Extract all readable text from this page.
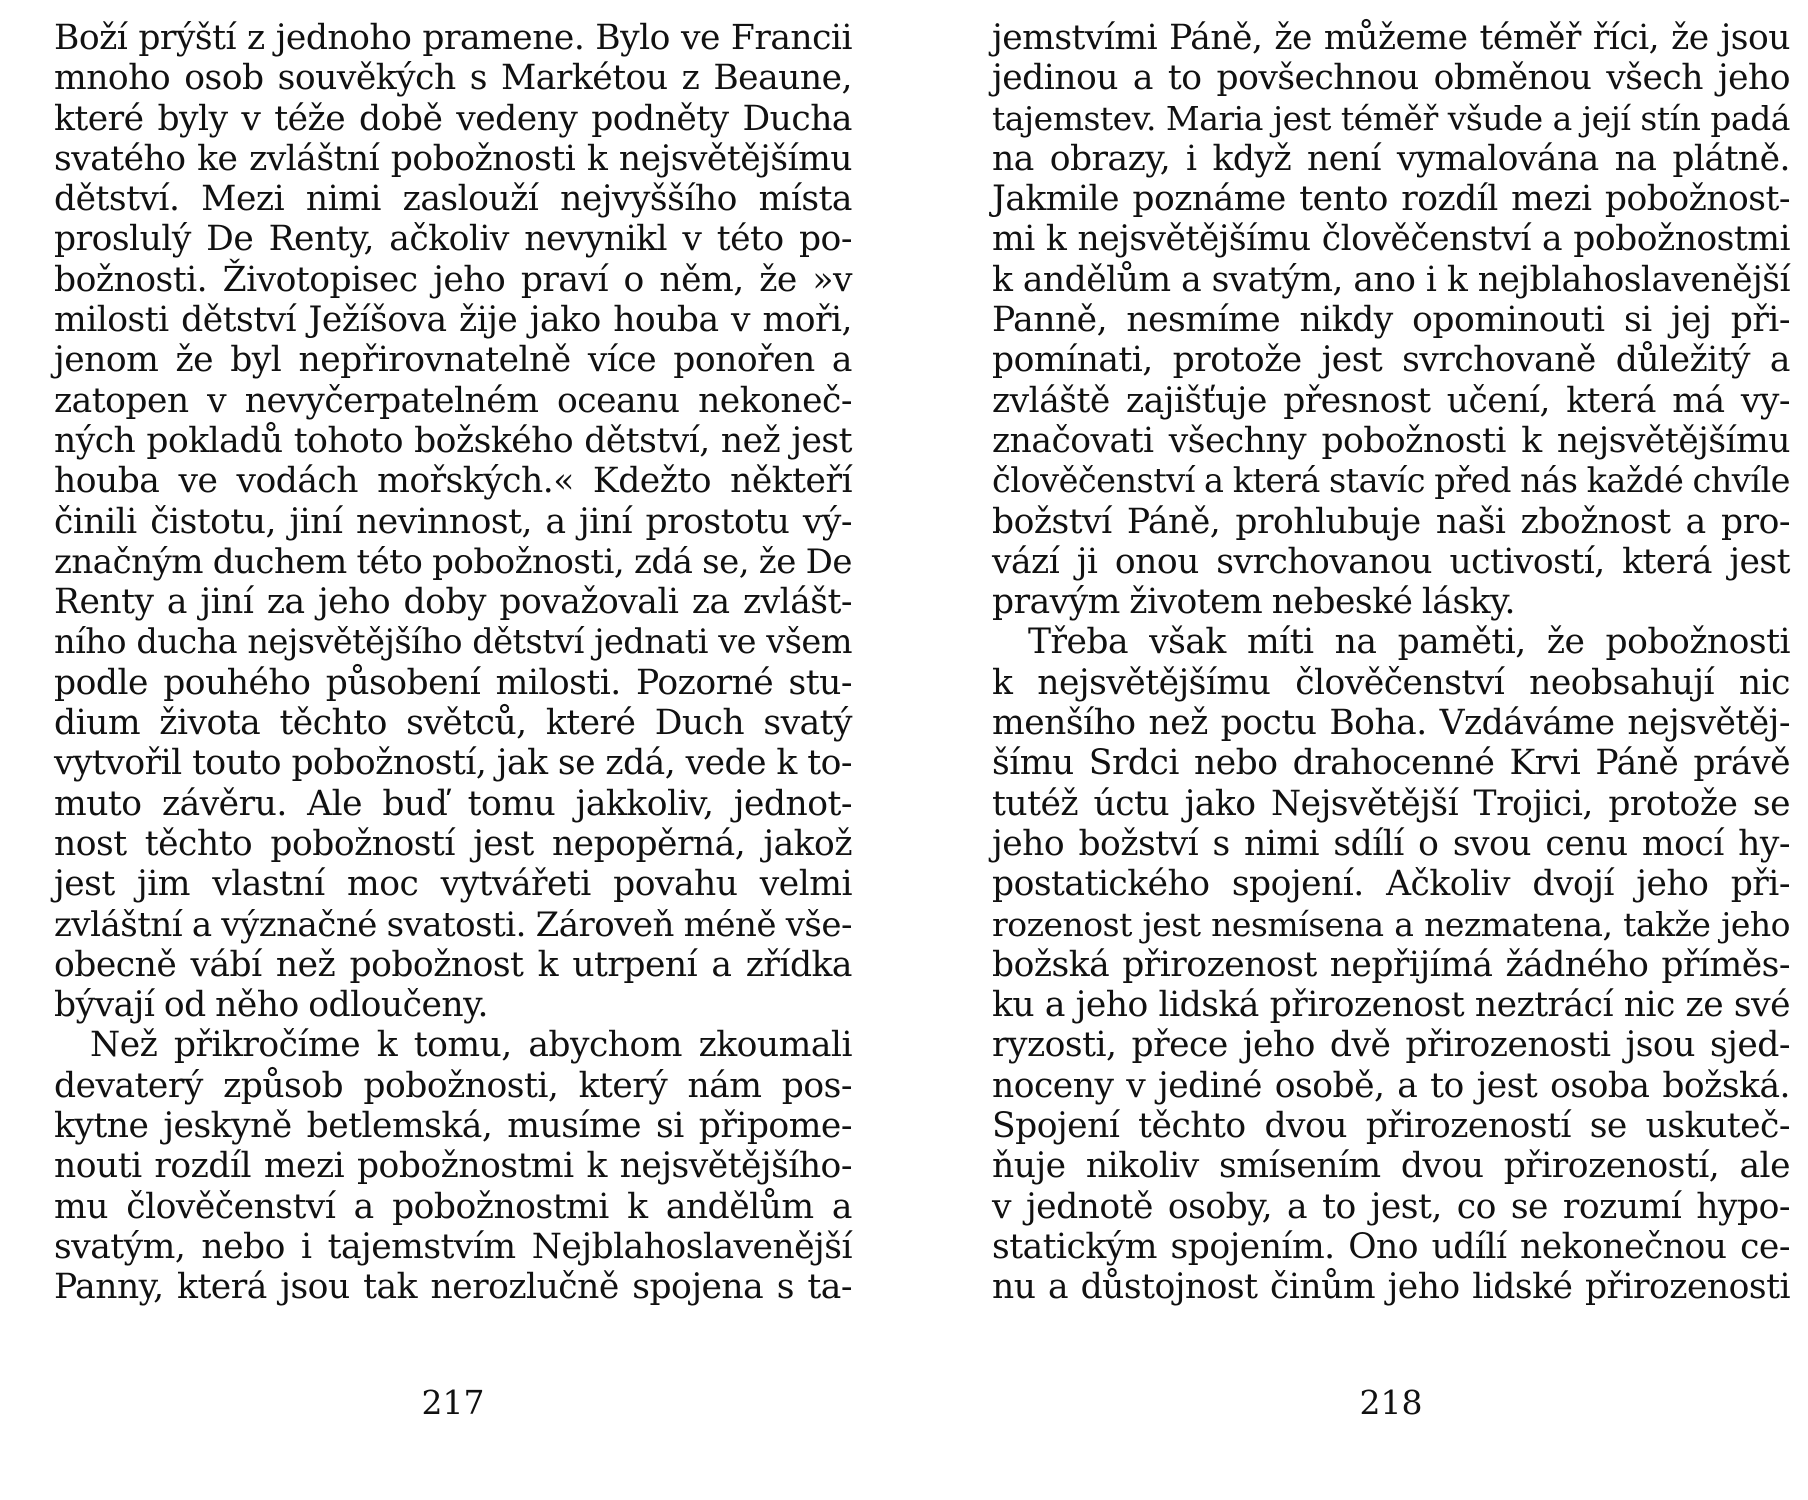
Boží prýští z jednoho pramene. Bylo ve Francii
mnoho osob souvěkých s Markétou z Beaune,
které byly v téže době vedeny podněty Ducha
svatého ke zvláštní pobožnosti k nejsvětějšímu
dětství. Mezi nimi zaslouží nejvyššího místa
proslulý De Renty, ačkoliv nevynikl v této po-
božnosti. Životopisec jeho praví o něm, že »v
milosti dětství Ježíšova žije jako houba v moři,
jenom že byl nepřirovnatelně více ponořen a
zatopen v nevyčerpatelném oceanu nekoneč-
ných pokladů tohoto božského dětství, než jest
houba ve vodách mořských.« Kdežto někteří
činili čistotu, jiní nevinnost, a jiní prostotu vý-
značným duchem této pobožnosti, zdá se, že De
Renty a jiní za jeho doby považovali za zvlášt-
ního ducha nejsvětějšího dětství jednati ve všem
podle pouhého působení milosti. Pozorné stu-
dium života těchto světců, které Duch svatý
vytvořil touto pobožností, jak se zdá, vede k to-
muto závěru. Ale buď tomu jakkoliv, jednot-
nost těchto pobožností jest nepopěrná, jakož
jest jim vlastní moc vytvářeti povahu velmi
zvláštní a význačné svatosti. Zároveň méně vše-
obecně vábí než pobožnost k utrpení a zřídka
bývají od něho odloučeny.
Než přikročíme k tomu, abychom zkoumali
devaterý způsob pobožnosti, který nám pos-
kytne jeskyně betlemská, musíme si připome-
nouti rozdíl mezi pobožnostmi k nejsvětějšího-
mu člověčenství a pobožnostmi k andělům a
svatým, nebo i tajemstvím Nejblahoslavenější
Panny, která jsou tak nerozlučně spojena s ta-
217
jemstvími Páně, že můžeme téměř říci, že jsou
jedinou a to povšechnou obměnou všech jeho
tajemstev. Maria jest téměř všude a její stín padá
na obrazy, i když není vymalována na plátně.
Jakmile poznáme tento rozdíl mezi pobožnost-
mi k nejsvětějšímu člověčenství a pobožnostmi
k andělům a svatým, ano i k nejblahoslavenější
Panně, nesmíme nikdy opominouti si jej při-
pomínati, protože jest svrchovaně důležitý a
zvláště zajišťuje přesnost učení, která má vy-
značovati všechny pobožnosti k nejsvětějšímu
člověčenství a která stavíc před nás každé chvíle
božství Páně, prohlubuje naši zbožnost a pro-
vází ji onou svrchovanou uctivostí, která jest
pravým životem nebeské lásky.
Třeba však míti na paměti, že pobožnosti
k nejsvětějšímu člověčenství neobsahují nic
menšího než poctu Boha. Vzdáváme nejsvětěj-
šímu Srdci nebo drahocenné Krvi Páně právě
tutéž úctu jako Nejsvětější Trojici, protože se
jeho božství s nimi sdílí o svou cenu mocí hy-
postatického spojení. Ačkoliv dvojí jeho při-
rozenost jest nesmísena a nezmatena, takže jeho
božská přirozenost nepřijímá žádného příměs-
ku a jeho lidská přirozenost neztrácí nic ze své
ryzosti, přece jeho dvě přirozenosti jsou sjed-
noceny v jediné osobě, a to jest osoba božská.
Spojení těchto dvou přirozeností se uskuteč-
ňuje nikoliv smísením dvou přirozeností, ale
v jednotě osoby, a to jest, co se rozumí hypo-
statickým spojením. Ono udílí nekonečnou ce-
nu a důstojnost činům jeho lidské přirozenosti
218
